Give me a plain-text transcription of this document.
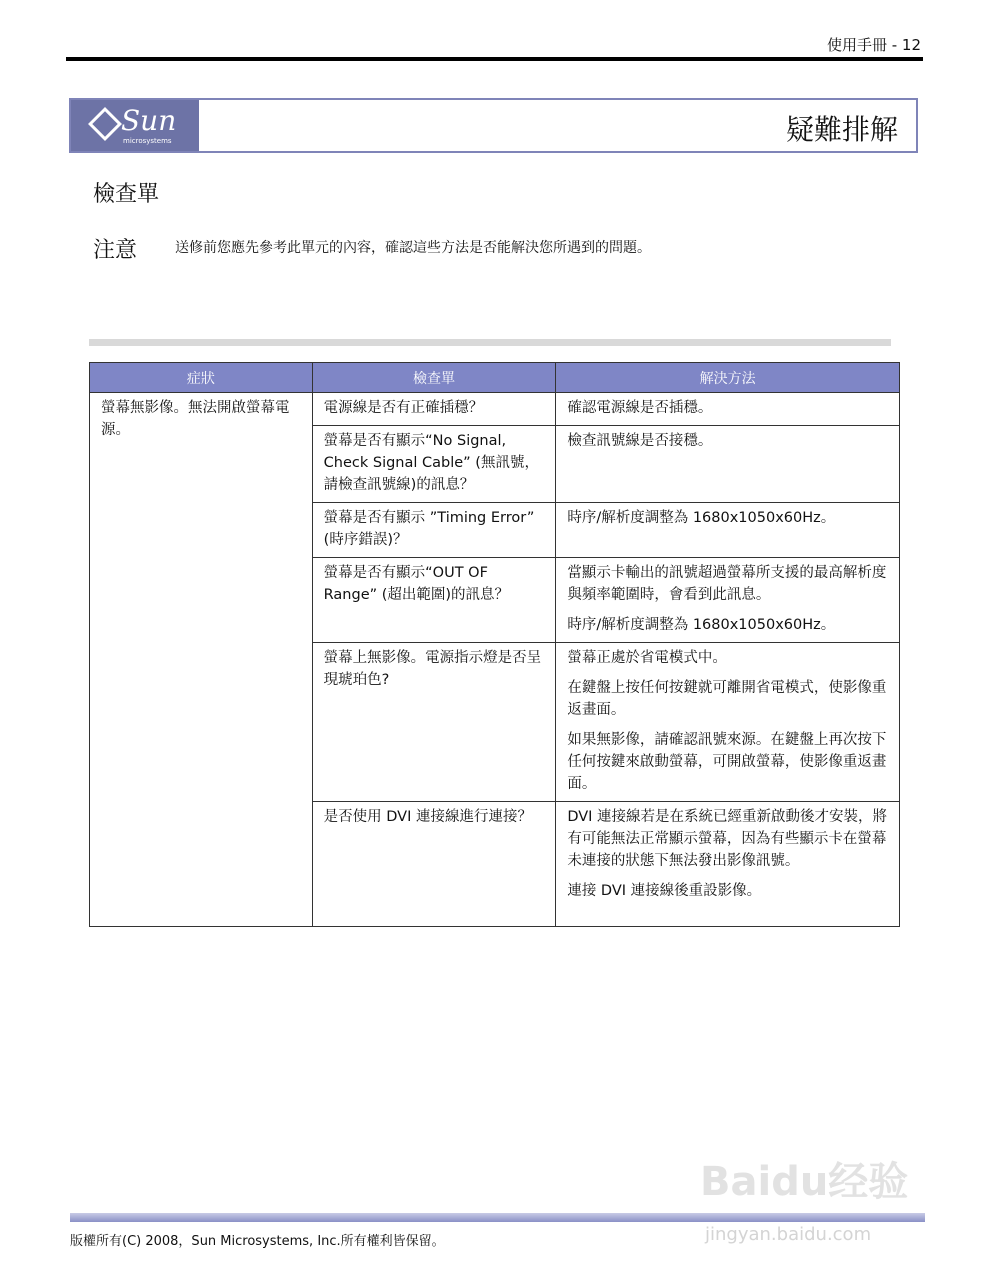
使用手冊 - 12
Sun
microsystems	疑難排解
檢查單
注意	送修前您應先參考此單元的內容，確認這些方法是否能解決您所遇到的問題。
症狀	檢查單	解決方法
螢幕無影像。無法開啟螢幕電源。	電源線是否有正確插穩？	確認電源線是否插穩。

	螢幕是否有顯示“No Signal, Check Signal Cable” (無訊號，請檢查訊號線)的訊息？	檢查訊號線是否接穩。

	螢幕是否有顯示 ”Timing Error” (時序錯誤)？	時序/解析度調整為 1680x1050x60Hz。

	螢幕是否有顯示“OUT OF Range” (超出範圍)的訊息？	當顯示卡輸出的訊號超過螢幕所支援的最高解析度與頻率範圍時，會看到此訊息。

時序/解析度調整為 1680x1050x60Hz。

	螢幕上無影像。電源指示燈是否呈現琥珀色?	螢幕正處於省電模式中。

在鍵盤上按任何按鍵就可離開省電模式，使影像重返畫面。

如果無影像，請確認訊號來源。在鍵盤上再次按下任何按鍵來啟動螢幕，可開啟螢幕，使影像重返畫面。

	是否使用 DVI 連接線進行連接？	DVI 連接線若是在系統已經重新啟動後才安裝，將有可能無法正常顯示螢幕，因為有些顯示卡在螢幕未連接的狀態下無法發出影像訊號。

連接 DVI 連接線後重設影像。

Baidu经验
jingyan.baidu.com
版權所有(C) 2008，Sun Microsystems, Inc.所有權利皆保留。
